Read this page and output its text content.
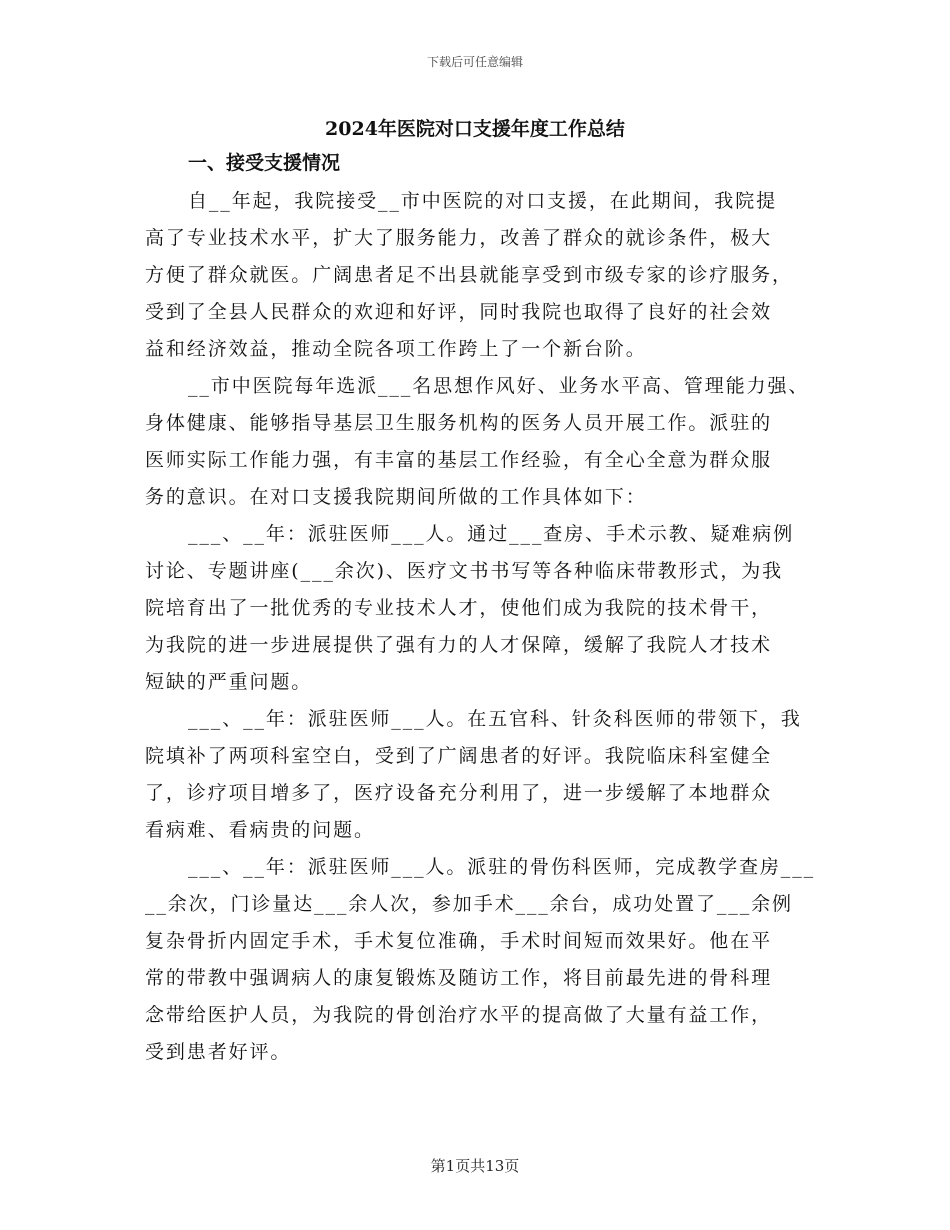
下载后可任意编辑
2024年医院对口支援年度工作总结
一、接受支援情况
自__年起，我院接受__市中医院的对口支援，在此期间，我院提
高了专业技术水平，扩大了服务能力，改善了群众的就诊条件，极大
方便了群众就医。广阔患者足不出县就能享受到市级专家的诊疗服务，
受到了全县人民群众的欢迎和好评，同时我院也取得了良好的社会效
益和经济效益，推动全院各项工作跨上了一个新台阶。
__市中医院每年选派___名思想作风好、业务水平高、管理能力强、
身体健康、能够指导基层卫生服务机构的医务人员开展工作。派驻的
医师实际工作能力强，有丰富的基层工作经验，有全心全意为群众服
务的意识。在对口支援我院期间所做的工作具体如下：
___、__年：派驻医师___人。通过___查房、手术示教、疑难病例
讨论、专题讲座(___余次)、医疗文书书写等各种临床带教形式，为我
院培育出了一批优秀的专业技术人才，使他们成为我院的技术骨干，
为我院的进一步进展提供了强有力的人才保障，缓解了我院人才技术
短缺的严重问题。
___、__年：派驻医师___人。在五官科、针灸科医师的带领下，我
院填补了两项科室空白，受到了广阔患者的好评。我院临床科室健全
了，诊疗项目增多了，医疗设备充分利用了，进一步缓解了本地群众
看病难、看病贵的问题。
___、__年：派驻医师___人。派驻的骨伤科医师，完成教学查房___
__余次，门诊量达___余人次，参加手术___余台，成功处置了___余例
复杂骨折内固定手术，手术复位准确，手术时间短而效果好。他在平
常的带教中强调病人的康复锻炼及随访工作，将目前最先进的骨科理
念带给医护人员，为我院的骨创治疗水平的提高做了大量有益工作，
受到患者好评。
第1页共13页
